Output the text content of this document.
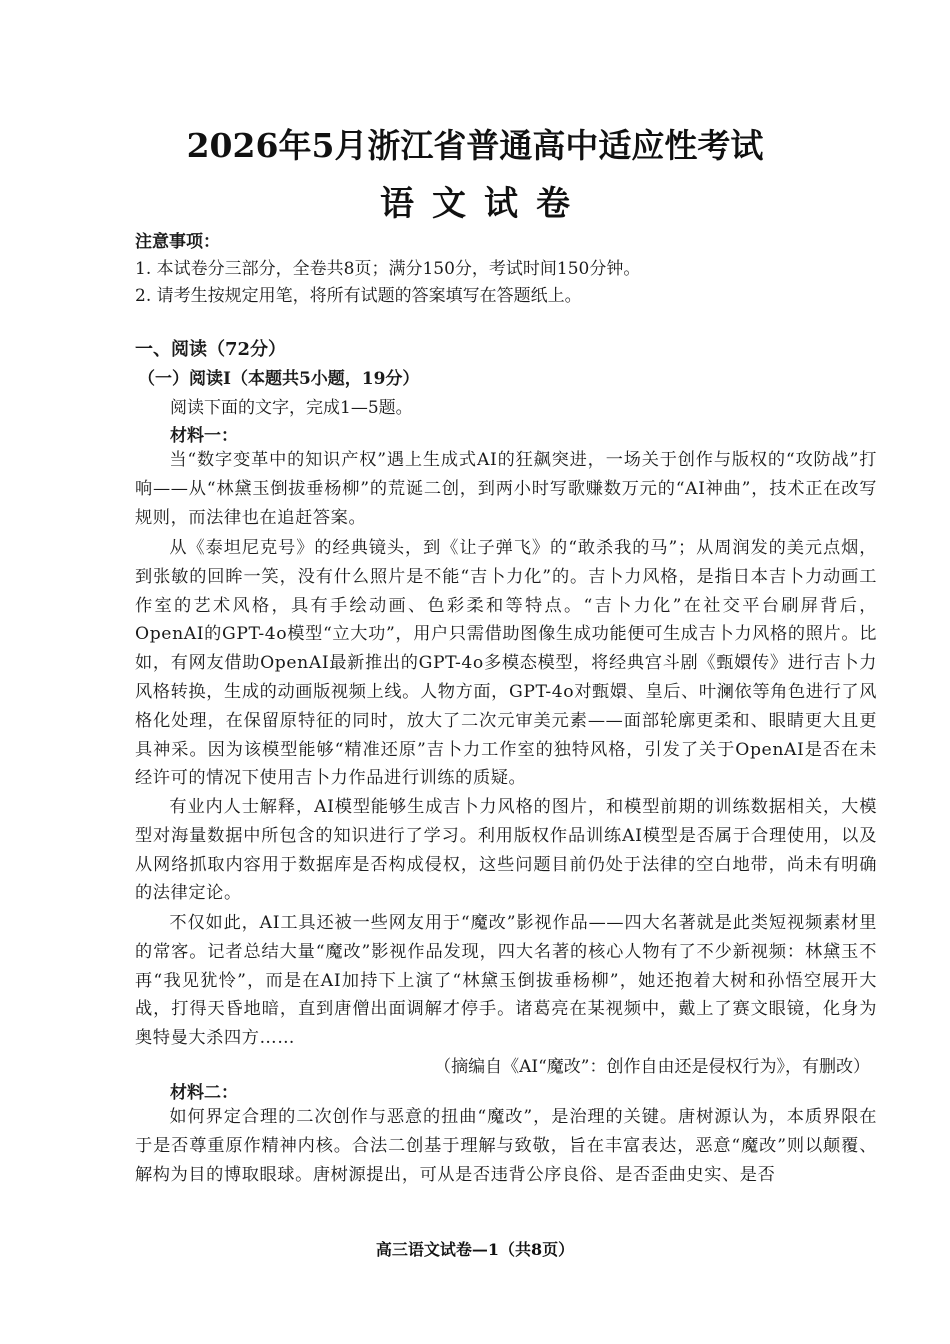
2026年5月浙江省普通高中适应性考试
语文试卷
注意事项：
1. 本试卷分三部分，全卷共8页；满分150分，考试时间150分钟。
2. 请考生按规定用笔，将所有试题的答案填写在答题纸上。
一、阅读（72分）
（一）阅读Ⅰ（本题共5小题，19分）
阅读下面的文字，完成1—5题。
材料一：
当“数字变革中的知识产权”遇上生成式AI的狂飙突进，一场关于创作与版权的“攻防战”打响——从“林黛玉倒拔垂杨柳”的荒诞二创，到两小时写歌赚数万元的“AI神曲”，技术正在改写规则，而法律也在追赶答案。
从《泰坦尼克号》的经典镜头，到《让子弹飞》的“敢杀我的马”；从周润发的美元点烟，到张敏的回眸一笑，没有什么照片是不能“吉卜力化”的。吉卜力风格，是指日本吉卜力动画工作室的艺术风格，具有手绘动画、色彩柔和等特点。“吉卜力化”在社交平台刷屏背后，OpenAI的GPT-4o模型“立大功”，用户只需借助图像生成功能便可生成吉卜力风格的照片。比如，有网友借助OpenAI最新推出的GPT-4o多模态模型，将经典宫斗剧《甄嬛传》进行吉卜力风格转换，生成的动画版视频上线。人物方面，GPT-4o对甄嬛、皇后、叶澜依等角色进行了风格化处理，在保留原特征的同时，放大了二次元审美元素——面部轮廓更柔和、眼睛更大且更具神采。因为该模型能够“精准还原”吉卜力工作室的独特风格，引发了关于OpenAI是否在未经许可的情况下使用吉卜力作品进行训练的质疑。
有业内人士解释，AI模型能够生成吉卜力风格的图片，和模型前期的训练数据相关，大模型对海量数据中所包含的知识进行了学习。利用版权作品训练AI模型是否属于合理使用，以及从网络抓取内容用于数据库是否构成侵权，这些问题目前仍处于法律的空白地带，尚未有明确的法律定论。
不仅如此，AI工具还被一些网友用于“魔改”影视作品——四大名著就是此类短视频素材里的常客。记者总结大量“魔改”影视作品发现，四大名著的核心人物有了不少新视频：林黛玉不再“我见犹怜”，而是在AI加持下上演了“林黛玉倒拔垂杨柳”，她还抱着大树和孙悟空展开大战，打得天昏地暗，直到唐僧出面调解才停手。诸葛亮在某视频中，戴上了赛文眼镜，化身为奥特曼大杀四方……
（摘编自《AI“魔改”：创作自由还是侵权行为》，有删改）
材料二：
如何界定合理的二次创作与恶意的扭曲“魔改”，是治理的关键。唐树源认为，本质界限在于是否尊重原作精神内核。合法二创基于理解与致敬，旨在丰富表达，恶意“魔改”则以颠覆、解构为目的博取眼球。唐树源提出，可从是否违背公序良俗、是否歪曲史实、是否
高三语文试卷—1（共8页）
